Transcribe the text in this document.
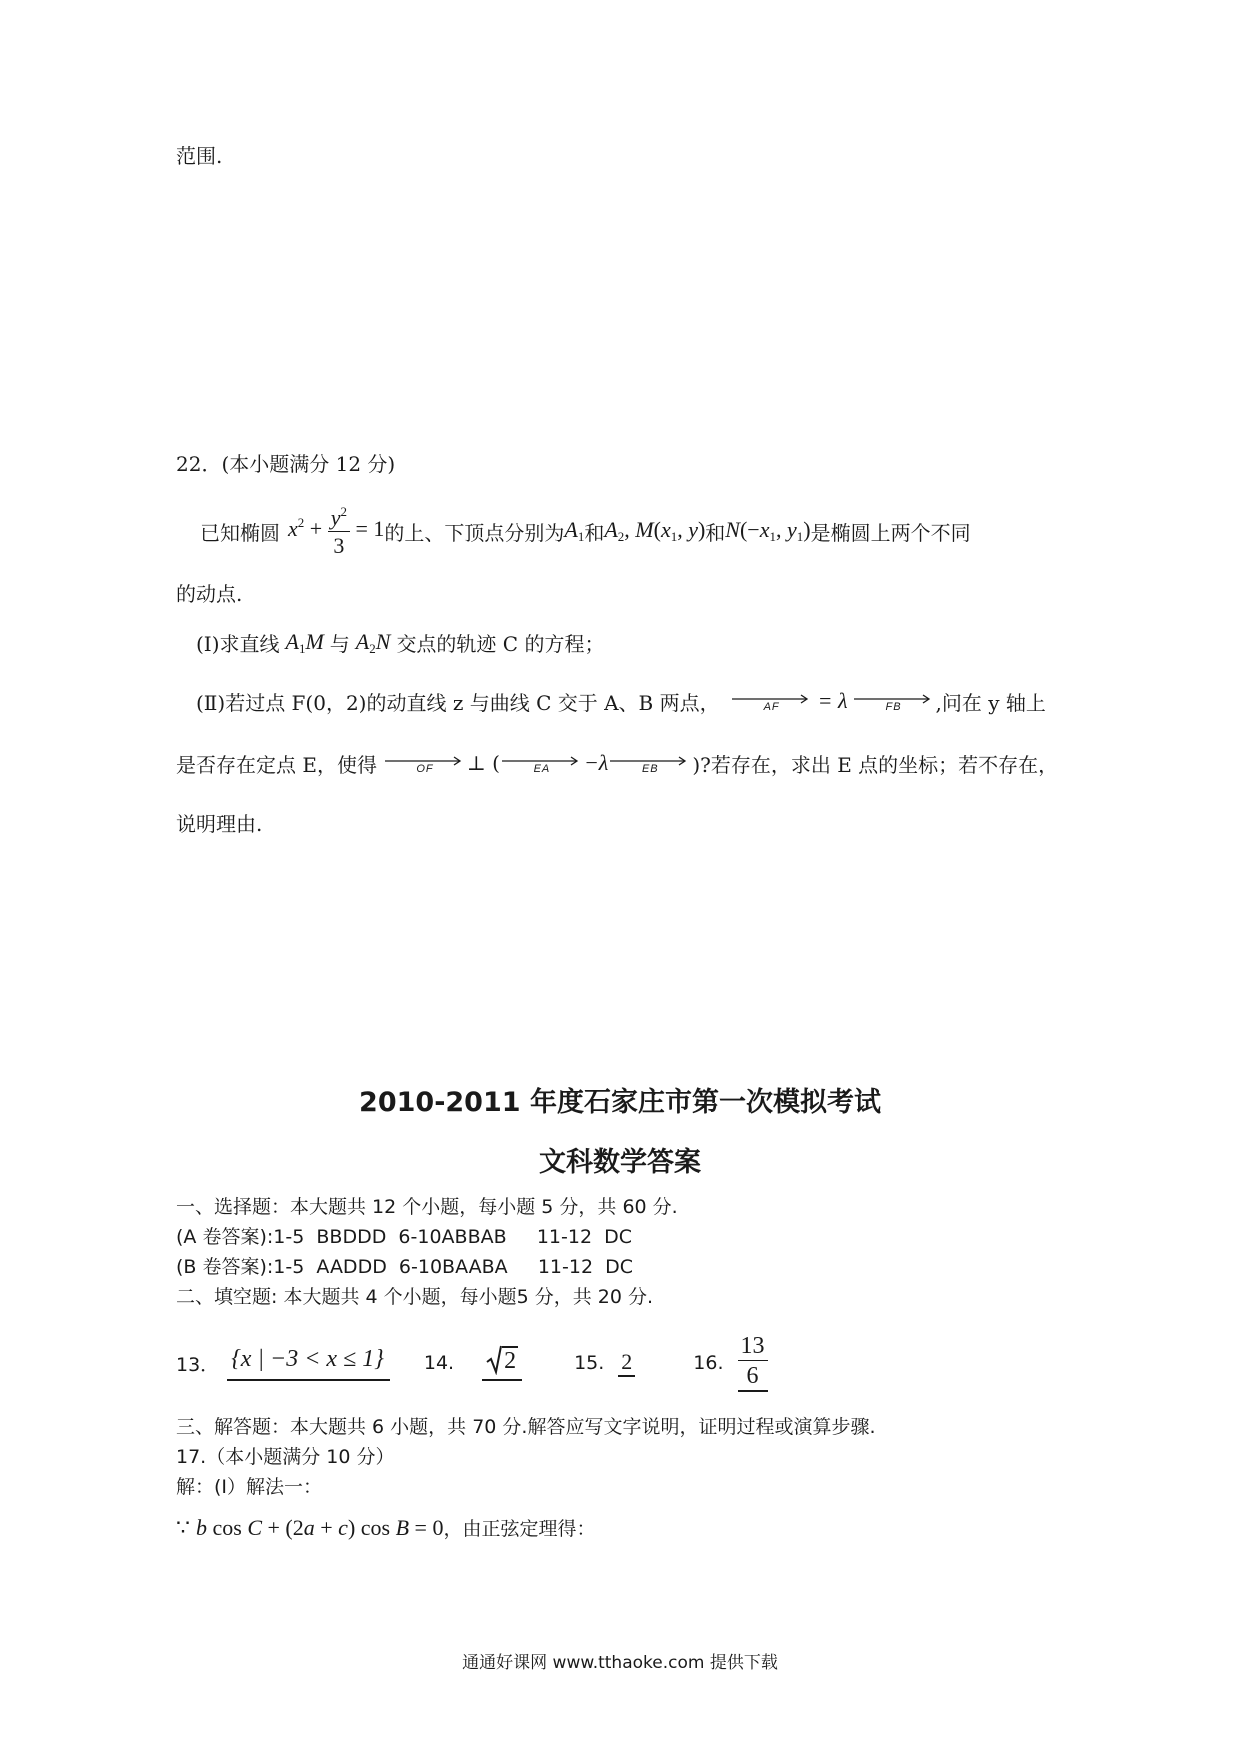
范围.
22．(本小题满分 12 分)
已知椭圆 $x^2 + \frac{y^2}{3} = 1$ 的上、下顶点分别为 $A_1$ 和 $A_2$, $M(x_1$, y) 和 $N(-x_1$, $y_1$) 是椭圆上两个不同
的动点.
(I)求直线 $A_1M$ 与 $A_2N$ 交点的轨迹 C 的方程；
(Ⅱ)若过点 F(0，2)的动直线 z 与曲线 C 交于 A、B 两点，	AF	= λ	FB	,问在 y 轴上
是否存在定点 E，使得	OF	⊥ (	EA	−λ	EB	)?若存在，求出 E 点的坐标；若不存在，
说明理由.
2010-2011 年度石家庄市第一次模拟考试
文科数学答案
一、选择题：本大题共 12 个小题，每小题 5 分，共 60 分.
(A 卷答案):1-5  BBDDD  6-10ABBAB     11-12  DC
(B 卷答案):1-5  AADDD  6-10BAABA     11-12  DC
二、填空题: 本大题共 4 个小题，每小题5 分，共 20 分.
13． {x | −3 < x ≤ 1}	14. 2	15. 2	16. $\frac{13}{6}$
三、解答题：本大题共 6 小题，共 70 分.解答应写文字说明，证明过程或演算步骤.
17.（本小题满分 10 分）
解：(I）解法一：
∵ b cos C + (2a + c) cos B = 0 ，由正弦定理得：
通通好课网 www.tthaoke.com 提供下载
